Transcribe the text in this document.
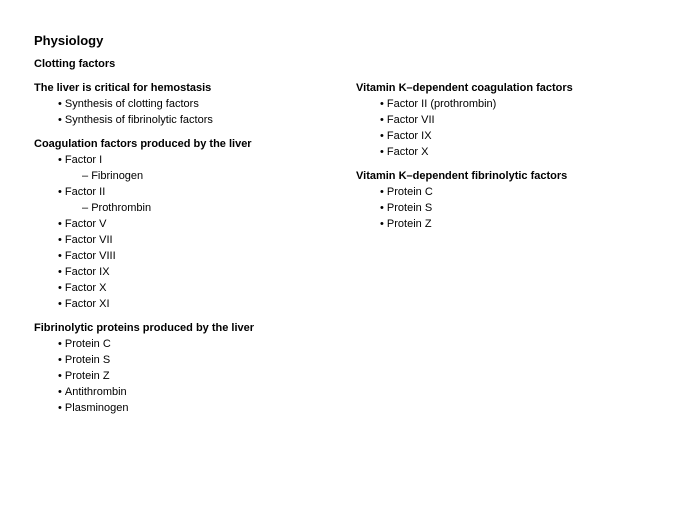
Physiology
Clotting factors
The liver is critical for hemostasis
• Synthesis of clotting factors
• Synthesis of fibrinolytic factors
Coagulation factors produced by the liver
• Factor I
– Fibrinogen
• Factor II
– Prothrombin
• Factor V
• Factor VII
• Factor VIII
• Factor IX
• Factor X
• Factor XI
Fibrinolytic proteins produced by the liver
• Protein C
• Protein S
• Protein Z
• Antithrombin
• Plasminogen
Vitamin K–dependent coagulation factors
• Factor II (prothrombin)
• Factor VII
• Factor IX
• Factor X
Vitamin K–dependent fibrinolytic factors
• Protein C
• Protein S
• Protein Z
